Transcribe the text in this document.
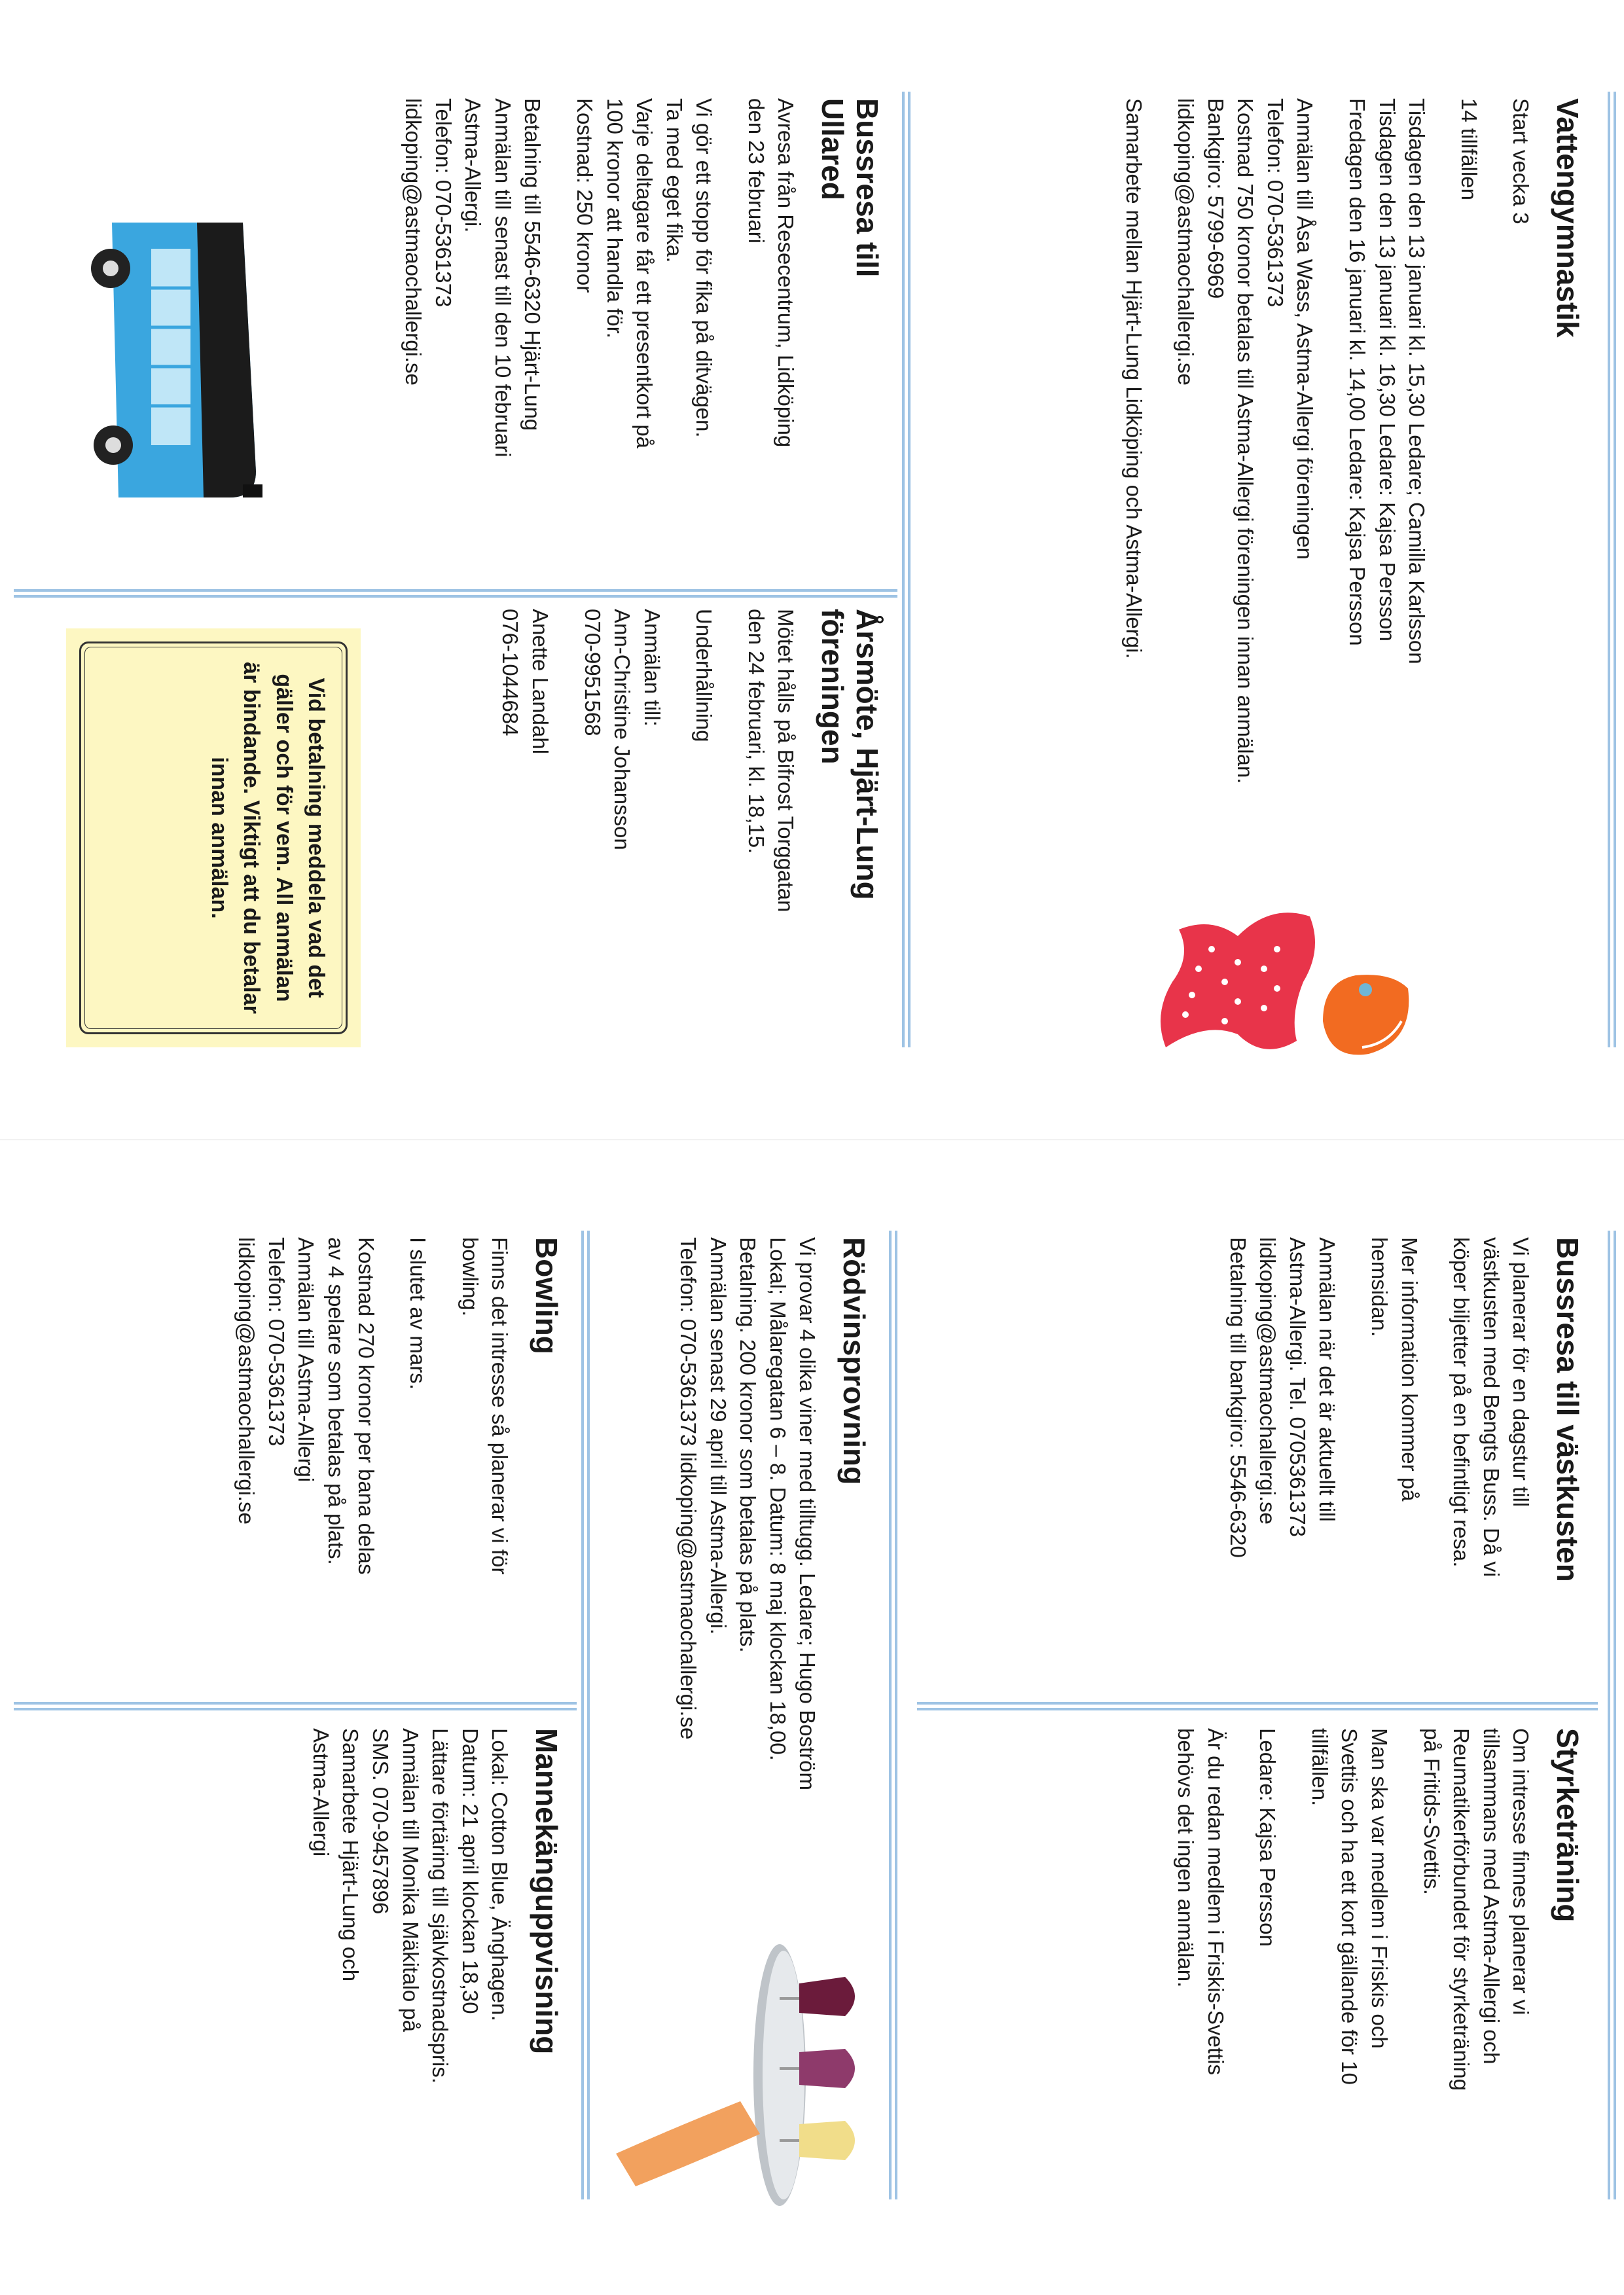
Vattengymnastik

Start vecka 3

14 tillfällen

Tisdagen den 13 januari kl. 15,30 Ledare; Camilla Karlsson
Tisdagen den 13 januari kl. 16,30 Ledare: Kajsa Persson
Fredagen den 16 januari kl. 14,00 Ledare: Kajsa Persson

Anmälan till Åsa Wass, Astma-Allergi föreningen
Telefon: 070-5361373
Kostnad 750 kronor betalas till Astma-Allergi föreningen innan anmälan.
Bankgiro: 5799-6969
lidkoping@astmaochallergi.se

Samarbete mellan Hjärt-Lung Lidköping och Astma-Allergi.

Bussresa till
Ullared

Avresa från Resecentrum, Lidköping
den 23 februari

Vi gör ett stopp för fika på ditvägen.
Ta med eget fika.
Varje deltagare får ett presentkort på
100 kronor att handla för.
Kostnad: 250 kronor

Betalning till 5546-6320 Hjärt-Lung
Anmälan till senast till den 10 februari
Astma-Allergi.
Telefon: 070-5361373
lidkoping@astmaochallergi.se

Årsmöte, Hjärt-Lung
föreningen

Mötet hålls på Bifrost Torggatan
den 24 februari, kl. 18,15.

Underhållning

Anmälan till:
Ann-Christine Johansson
070-9951568

Anette Landahl
076-1044684

Vid betalning meddela vad det gäller och för vem. All anmälan är bindande. Viktigt att du betalar innan anmälan.

Bussresa till västkusten

Vi planerar för en dagstur till
västkusten med Bengts Buss. Då vi
köper biljetter på en befintligt resa.

Mer information kommer på
hemsidan.

Anmälan när det är aktuellt till
Astma-Allergi. Tel. 0705361373
lidkoping@astmaochallergi.se
Betalning till bankgiro: 5546-6320

Styrketräning

Om intresse finnes planerar vi
tillsammans med Astma-Allergi och
Reumatikerförbundet för styrketräning
på Fritids-Svettis.

Man ska var medlem i Friskis och
Svettis och ha ett kort gällande för 10
tillfällen.

Ledare: Kajsa Persson

Är du redan medlem i Friskis-Svettis
behövs det ingen anmälan.

Rödvinsprovning

Vi provar 4 olika viner med tilltugg. Ledare; Hugo Boström
Lokal; Målaregatan 6 – 8. Datum: 8 maj klockan 18,00.
Betalning. 200 kronor som betalas på plats.
Anmälan senast 29 april till Astma-Allergi.
Telefon: 070-5361373 lidkoping@astmaochallergi.se

Bowling

Finns det intresse så planerar vi för
bowling.

I slutet av mars.

Kostnad 270 kronor per bana delas
av 4 spelare som betalas på plats.
Anmälan till Astma-Allergi
Telefon: 070-5361373
lidkoping@astmaochallergi.se

Mannekänguppvisning

Lokal: Cotton Blue, Änghagen.
Datum: 21 april klockan 18,30
Lättare förtäring till självkostnadspris.
Anmälan till Monika Mäkitalo på
SMS. 070-9457896
Samarbete Hjärt-Lung och
Astma-Allergi
